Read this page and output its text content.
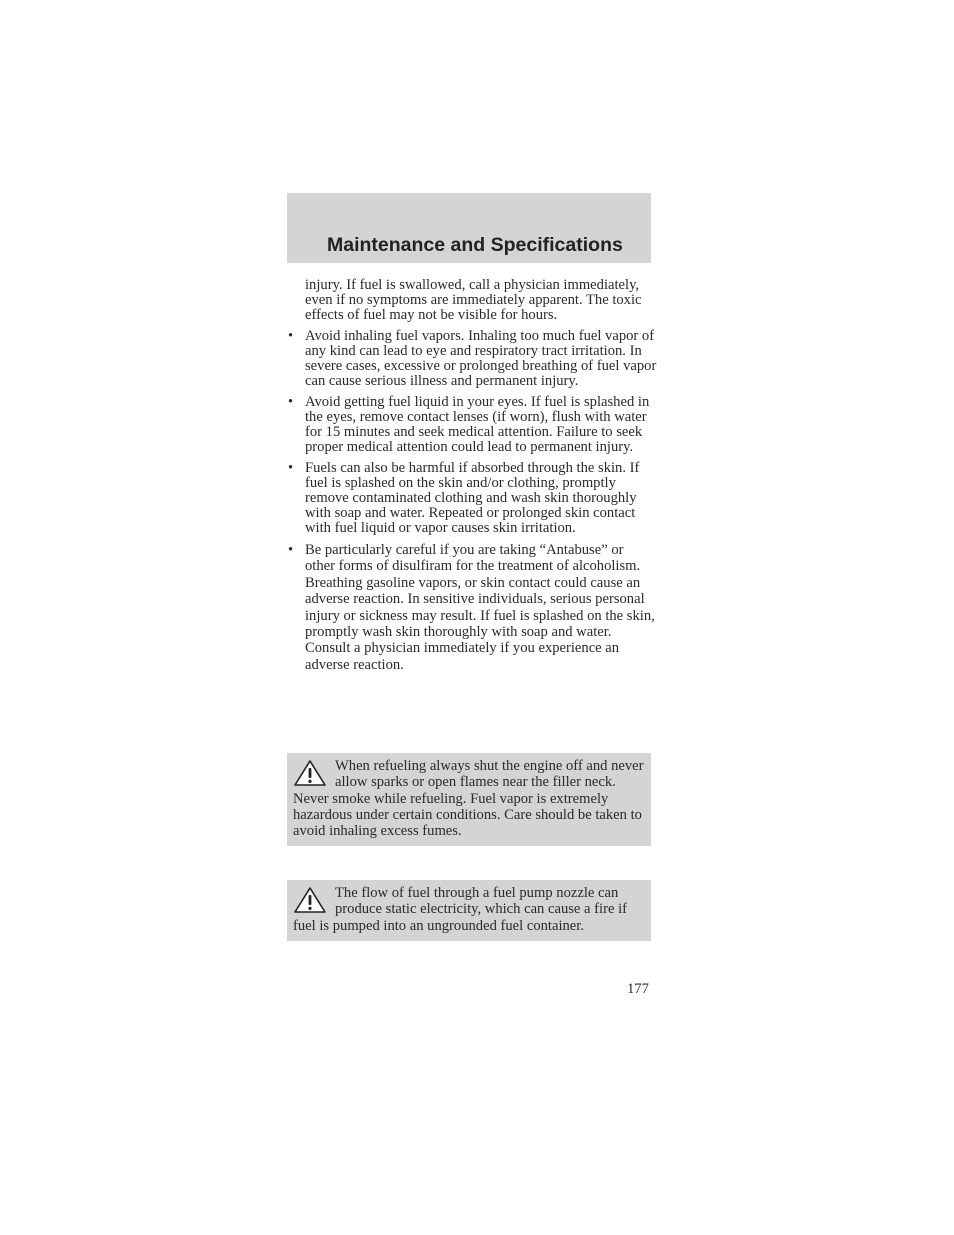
Maintenance and Specifications

injury. If fuel is swallowed, call a physician immediately, even if no symptoms are immediately apparent. The toxic effects of fuel may not be visible for hours.

• Avoid inhaling fuel vapors. Inhaling too much fuel vapor of any kind can lead to eye and respiratory tract irritation. In severe cases, excessive or prolonged breathing of fuel vapor can cause serious illness and permanent injury.
• Avoid getting fuel liquid in your eyes. If fuel is splashed in the eyes, remove contact lenses (if worn), flush with water for 15 minutes and seek medical attention. Failure to seek proper medical attention could lead to permanent injury.
• Fuels can also be harmful if absorbed through the skin. If fuel is splashed on the skin and/or clothing, promptly remove contaminated clothing and wash skin thoroughly with soap and water. Repeated or prolonged skin contact with fuel liquid or vapor causes skin irritation.
• Be particularly careful if you are taking “Antabuse” or other forms of disulfiram for the treatment of alcoholism. Breathing gasoline vapors, or skin contact could cause an adverse reaction. In sensitive individuals, serious personal injury or sickness may result. If fuel is splashed on the skin, promptly wash skin thoroughly with soap and water. Consult a physician immediately if you experience an adverse reaction.
When refueling always shut the engine off and never allow sparks or open flames near the filler neck. Never smoke while refueling. Fuel vapor is extremely hazardous under certain conditions. Care should be taken to avoid inhaling excess fumes.
The flow of fuel through a fuel pump nozzle can produce static electricity, which can cause a fire if fuel is pumped into an ungrounded fuel container.
177
